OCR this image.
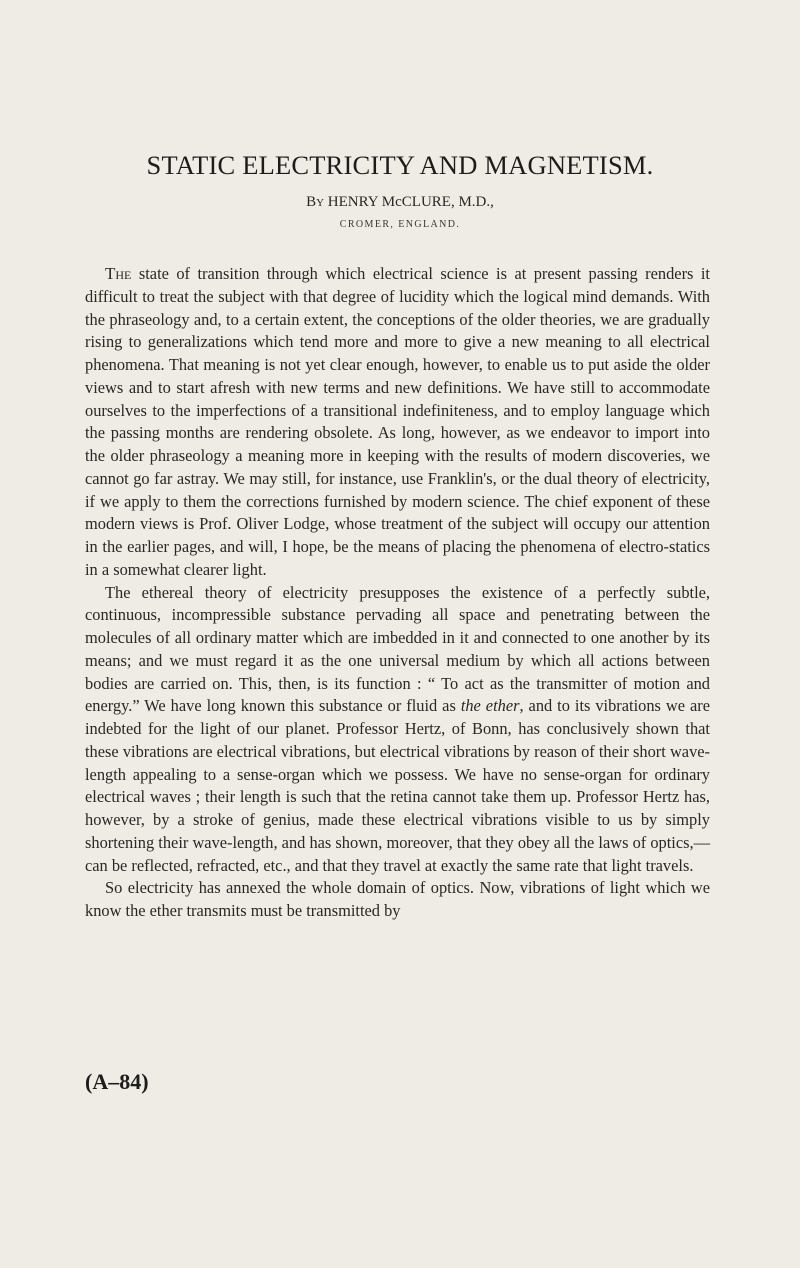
STATIC ELECTRICITY AND MAGNETISM.
By HENRY McCLURE, M.D.,
CROMER, ENGLAND.

The state of transition through which electrical science is at present passing renders it difficult to treat the subject with that degree of lucidity which the logical mind demands. With the phraseology and, to a certain extent, the conceptions of the older theories, we are gradually rising to generalizations which tend more and more to give a new meaning to all electrical phenomena. That meaning is not yet clear enough, however, to enable us to put aside the older views and to start afresh with new terms and new definitions. We have still to accommodate ourselves to the imperfections of a transitional indefiniteness, and to employ language which the passing months are rendering obsolete. As long, however, as we endeavor to import into the older phraseology a meaning more in keeping with the results of modern discoveries, we cannot go far astray. We may still, for instance, use Franklin's, or the dual theory of electricity, if we apply to them the corrections furnished by modern science. The chief exponent of these modern views is Prof. Oliver Lodge, whose treatment of the subject will occupy our attention in the earlier pages, and will, I hope, be the means of placing the phenomena of electro-statics in a somewhat clearer light.

The ethereal theory of electricity presupposes the existence of a perfectly subtle, continuous, incompressible substance pervading all space and penetrating between the molecules of all ordinary matter which are imbedded in it and connected to one another by its means; and we must regard it as the one universal medium by which all actions between bodies are carried on. This, then, is its function : “ To act as the transmitter of motion and energy.” We have long known this substance or fluid as the ether, and to its vibrations we are indebted for the light of our planet. Professor Hertz, of Bonn, has conclusively shown that these vibrations are electrical vibrations, but electrical vibrations by reason of their short wave-length appealing to a sense-organ which we possess. We have no sense-organ for ordinary electrical waves ; their length is such that the retina cannot take them up. Professor Hertz has, however, by a stroke of genius, made these electrical vibrations visible to us by simply shortening their wave-length, and has shown, moreover, that they obey all the laws of optics,—can be reflected, refracted, etc., and that they travel at exactly the same rate that light travels.

So electricity has annexed the whole domain of optics. Now, vibrations of light which we know the ether transmits must be transmitted by

(A–84)
